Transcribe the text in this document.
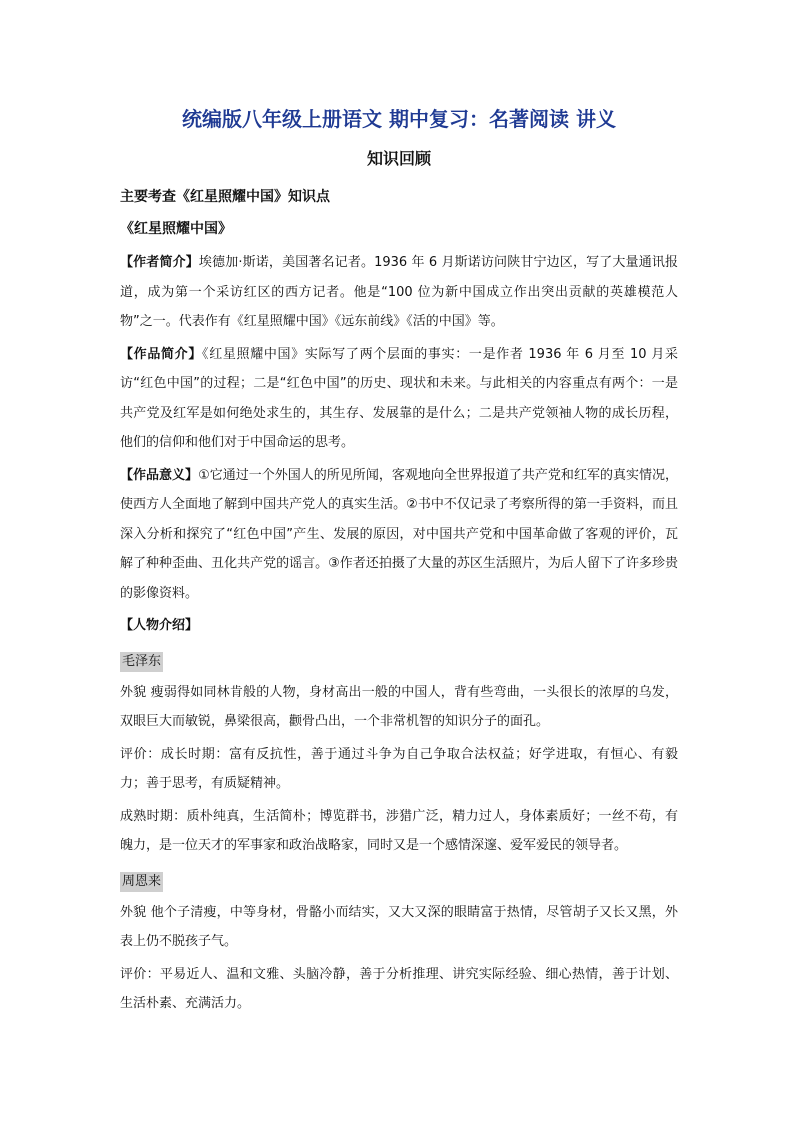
统编版八年级上册语文 期中复习：名著阅读 讲义
知识回顾

主要考查《红星照耀中国》知识点

《红星照耀中国》

【作者简介】埃德加·斯诺，美国著名记者。1936 年 6 月斯诺访问陕甘宁边区，写了大量通讯报道，成为第一个采访红区的西方记者。他是“100 位为新中国成立作出突出贡献的英雄模范人物”之一。代表作有《红星照耀中国》《远东前线》《活的中国》等。

【作品简介】《红星照耀中国》实际写了两个层面的事实：一是作者 1936 年 6 月至 10 月采访“红色中国”的过程；二是“红色中国”的历史、现状和未来。与此相关的内容重点有两个：一是共产党及红军是如何绝处求生的，其生存、发展靠的是什么；二是共产党领袖人物的成长历程，他们的信仰和他们对于中国命运的思考。

【作品意义】①它通过一个外国人的所见所闻，客观地向全世界报道了共产党和红军的真实情况，使西方人全面地了解到中国共产党人的真实生活。②书中不仅记录了考察所得的第一手资料，而且深入分析和探究了“红色中国”产生、发展的原因，对中国共产党和中国革命做了客观的评价，瓦解了种种歪曲、丑化共产党的谣言。③作者还拍摄了大量的苏区生活照片，为后人留下了许多珍贵的影像资料。

【人物介绍】

毛泽东

外貌 瘦弱得如同林肯般的人物，身材高出一般的中国人，背有些弯曲，一头很长的浓厚的乌发，双眼巨大而敏锐，鼻梁很高，颧骨凸出，一个非常机智的知识分子的面孔。

评价：成长时期：富有反抗性，善于通过斗争为自己争取合法权益；好学进取，有恒心、有毅力；善于思考，有质疑精神。

成熟时期：质朴纯真，生活简朴；博览群书，涉猎广泛，精力过人，身体素质好；一丝不苟，有魄力，是一位天才的军事家和政治战略家，同时又是一个感情深邃、爱军爱民的领导者。

周恩来

外貌 他个子清瘦，中等身材，骨骼小而结实，又大又深的眼睛富于热情，尽管胡子又长又黑，外表上仍不脱孩子气。

评价：平易近人、温和文雅、头脑冷静，善于分析推理、讲究实际经验、细心热情，善于计划、生活朴素、充满活力。
